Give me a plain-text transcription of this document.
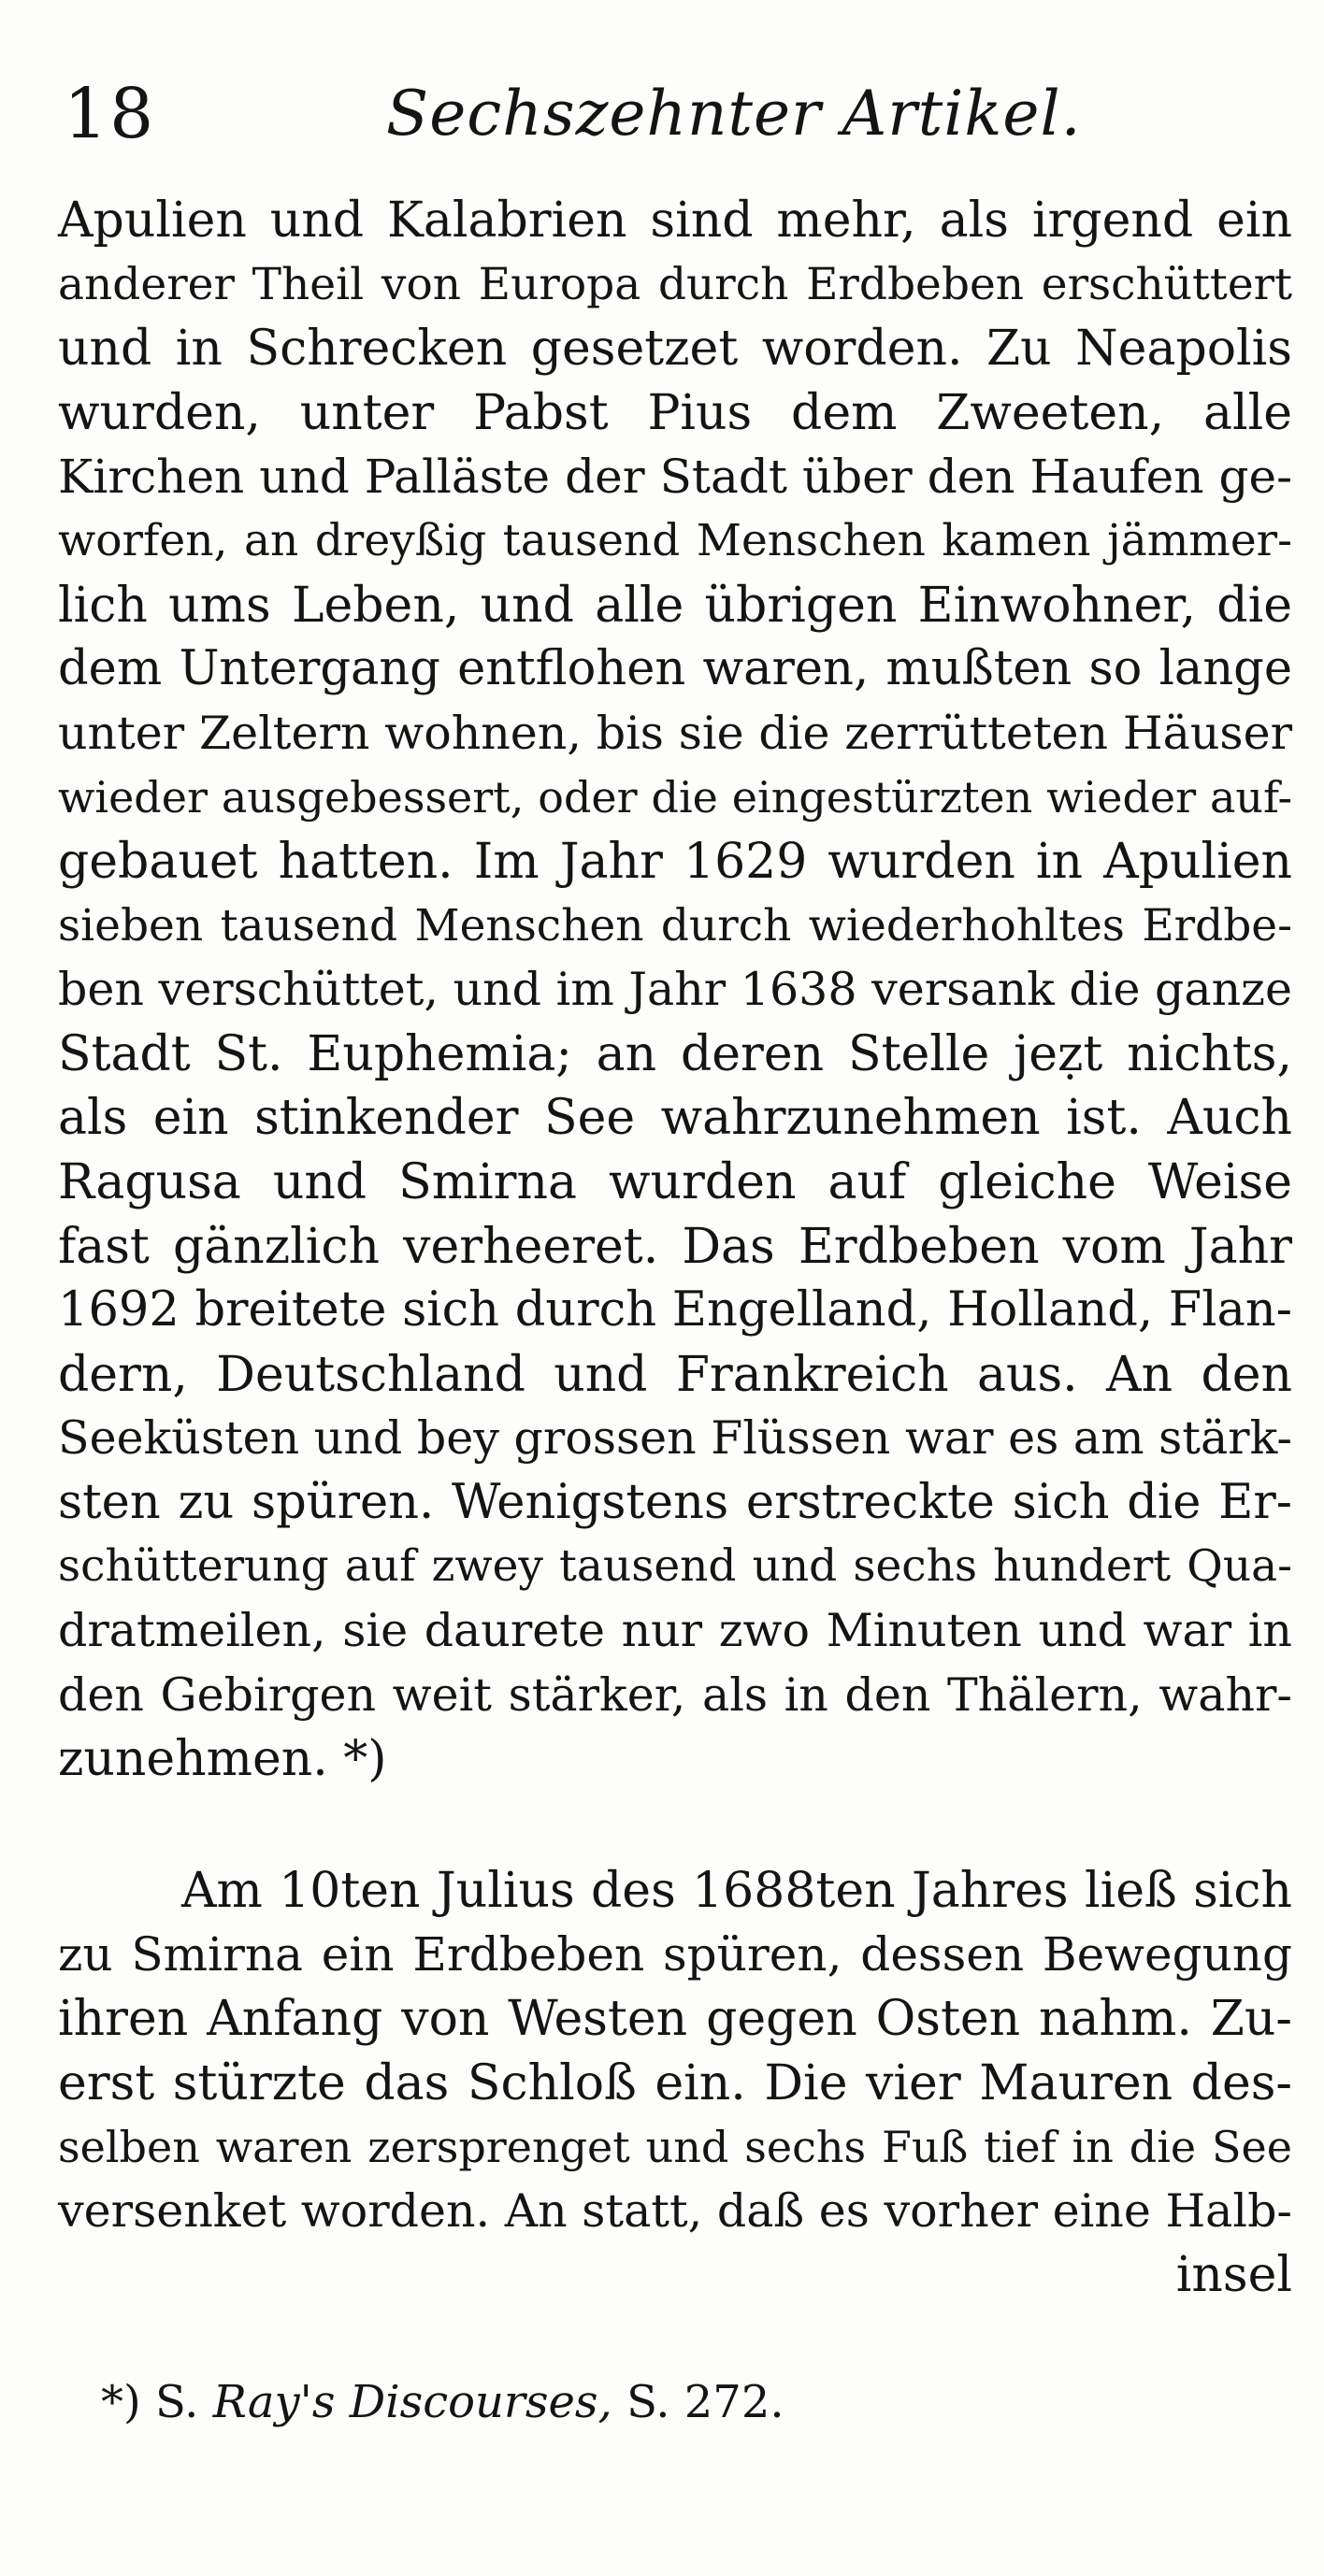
18	Sechszehnter Artikel.
Apulien und Kalabrien sind mehr, als irgend ein
anderer Theil von Europa durch Erdbeben erschüttert
und in Schrecken gesetzet worden. Zu Neapolis
wurden, unter Pabst Pius dem Zweeten, alle
Kirchen und Palläste der Stadt über den Haufen ge-
worfen, an dreyßig tausend Menschen kamen jämmer-
lich ums Leben, und alle übrigen Einwohner, die
dem Untergang entflohen waren, mußten so lange
unter Zeltern wohnen, bis sie die zerrütteten Häuser
wieder ausgebessert, oder die eingestürzten wieder auf-
gebauet hatten. Im Jahr 1629 wurden in Apulien
sieben tausend Menschen durch wiederhohltes Erdbe-
ben verschüttet, und im Jahr 1638 versank die ganze
Stadt St. Euphemia; an deren Stelle jeẓt nichts,
als ein stinkender See wahrzunehmen ist. Auch
Ragusa und Smirna wurden auf gleiche Weise
fast gänzlich verheeret. Das Erdbeben vom Jahr
1692 breitete sich durch Engelland, Holland, Flan-
dern, Deutschland und Frankreich aus. An den
Seeküsten und bey grossen Flüssen war es am stärk-
sten zu spüren. Wenigstens erstreckte sich die Er-
schütterung auf zwey tausend und sechs hundert Qua-
dratmeilen, sie daurete nur zwo Minuten und war in
den Gebirgen weit stärker, als in den Thälern, wahr-
zunehmen. *)
Am 10ten Julius des 1688ten Jahres ließ sich
zu Smirna ein Erdbeben spüren, dessen Bewegung
ihren Anfang von Westen gegen Osten nahm. Zu-
erst stürzte das Schloß ein. Die vier Mauren des-
selben waren zersprenget und sechs Fuß tief in die See
versenket worden. An statt, daß es vorher eine Halb-
insel
*) S. Ray's Discourses, S. 272.
